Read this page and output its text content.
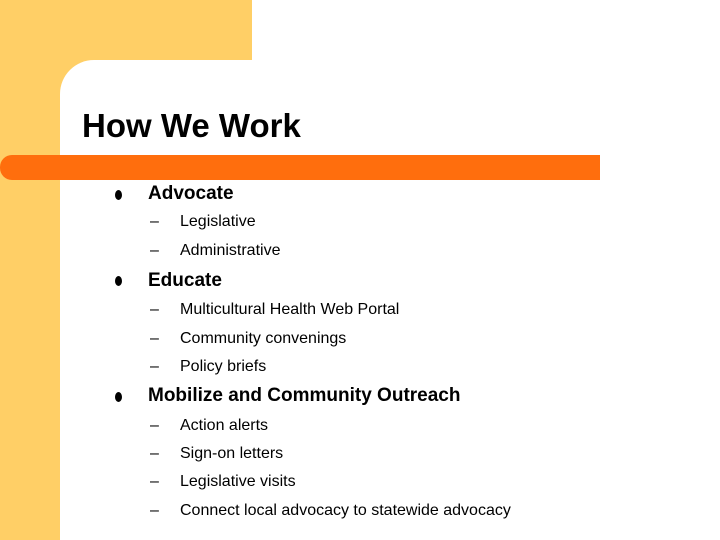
How We Work
Advocate
– Legislative
– Administrative
Educate
– Multicultural Health Web Portal
– Community convenings
– Policy briefs
Mobilize and Community Outreach
– Action alerts
– Sign-on letters
– Legislative visits
– Connect local advocacy to statewide advocacy
